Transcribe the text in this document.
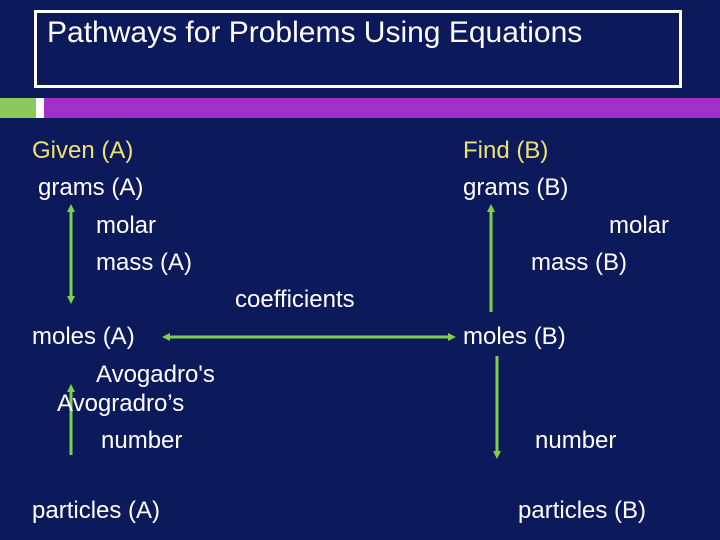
Pathways for Problems Using Equations
Given (A)
grams (A)
molar
mass (A)
moles (A)
Avogadro's
Avogradro’s
number
particles (A)
coefficients
Find (B)
grams (B)
molar
mass (B)
moles (B)
number
particles (B)
